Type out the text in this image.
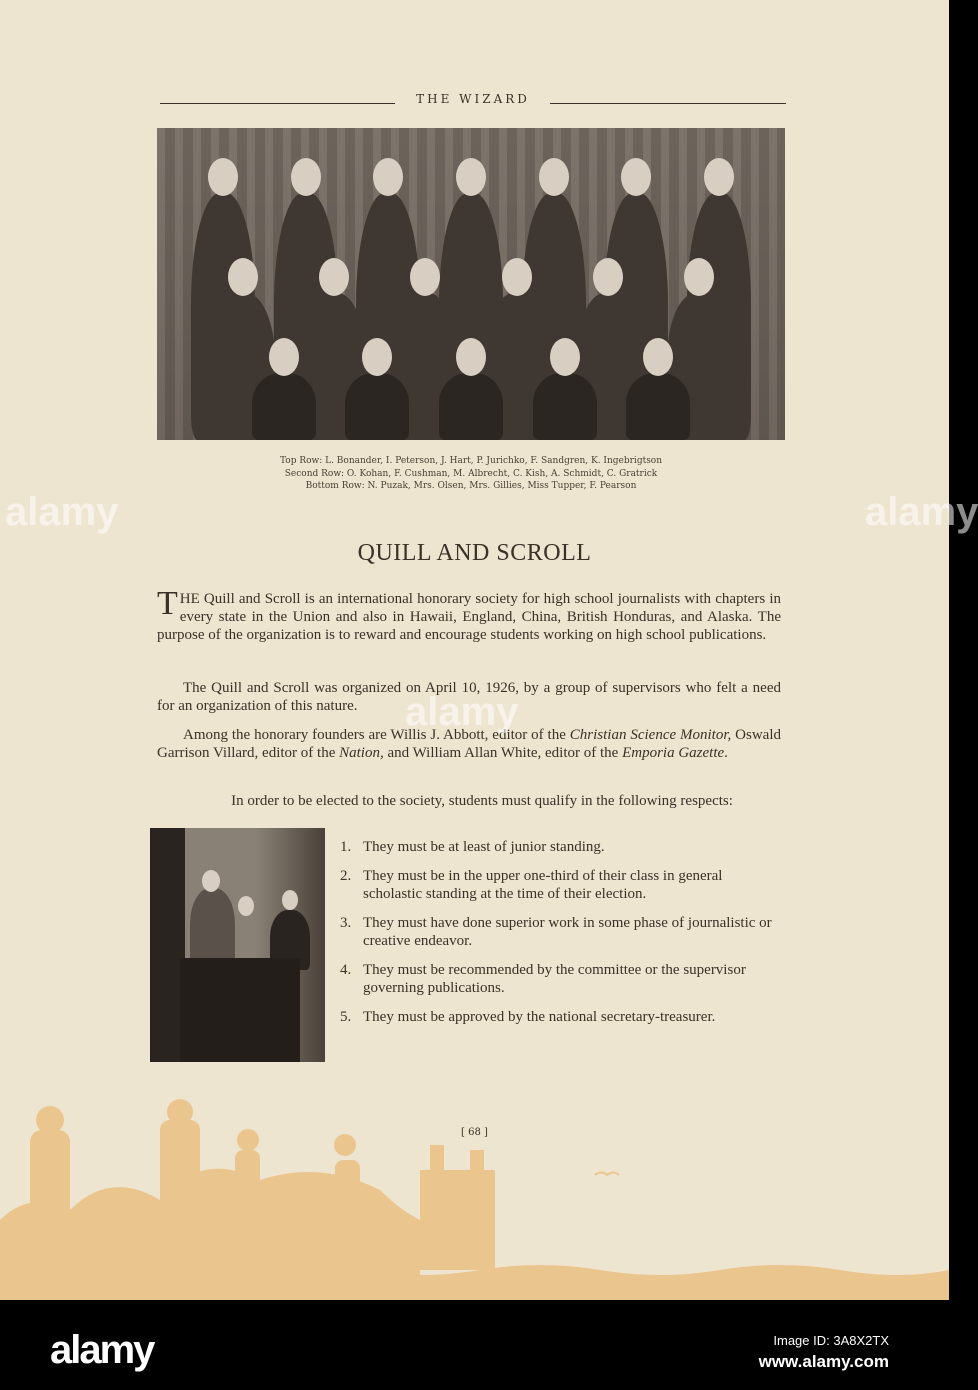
THE WIZARD
Top Row: L. Bonander, I. Peterson, J. Hart, P. Jurichko, F. Sandgren, K. Ingebrigtson
Second Row: O. Kohan, F. Cushman, M. Albrecht, C. Kish, A. Schmidt, C. Gratrick
Bottom Row: N. Puzak, Mrs. Olsen, Mrs. Gillies, Miss Tupper, F. Pearson
QUILL AND SCROLL
THE Quill and Scroll is an international honorary society for high school journalists with chapters in every state in the Union and also in Hawaii, England, China, British Honduras, and Alaska. The purpose of the organization is to reward and encourage students working on high school publications.
The Quill and Scroll was organized on April 10, 1926, by a group of supervisors who felt a need for an organization of this nature.
Among the honorary founders are Willis J. Abbott, editor of the Christian Science Monitor, Oswald Garrison Villard, editor of the Nation, and William Allan White, editor of the Emporia Gazette.
In order to be elected to the society, students must qualify in the following respects:
1. They must be at least of junior standing.
2. They must be in the upper one-third of their class in general scholastic standing at the time of their election.
3. They must have done superior work in some phase of journalistic or creative endeavor.
4. They must be recommended by the committee or the supervisor governing publications.
5. They must be approved by the national secretary-treasurer.
[ 68 ]
alamy
alamy
alamy
alamy	Image ID: 3A8X2TX
www.alamy.com
